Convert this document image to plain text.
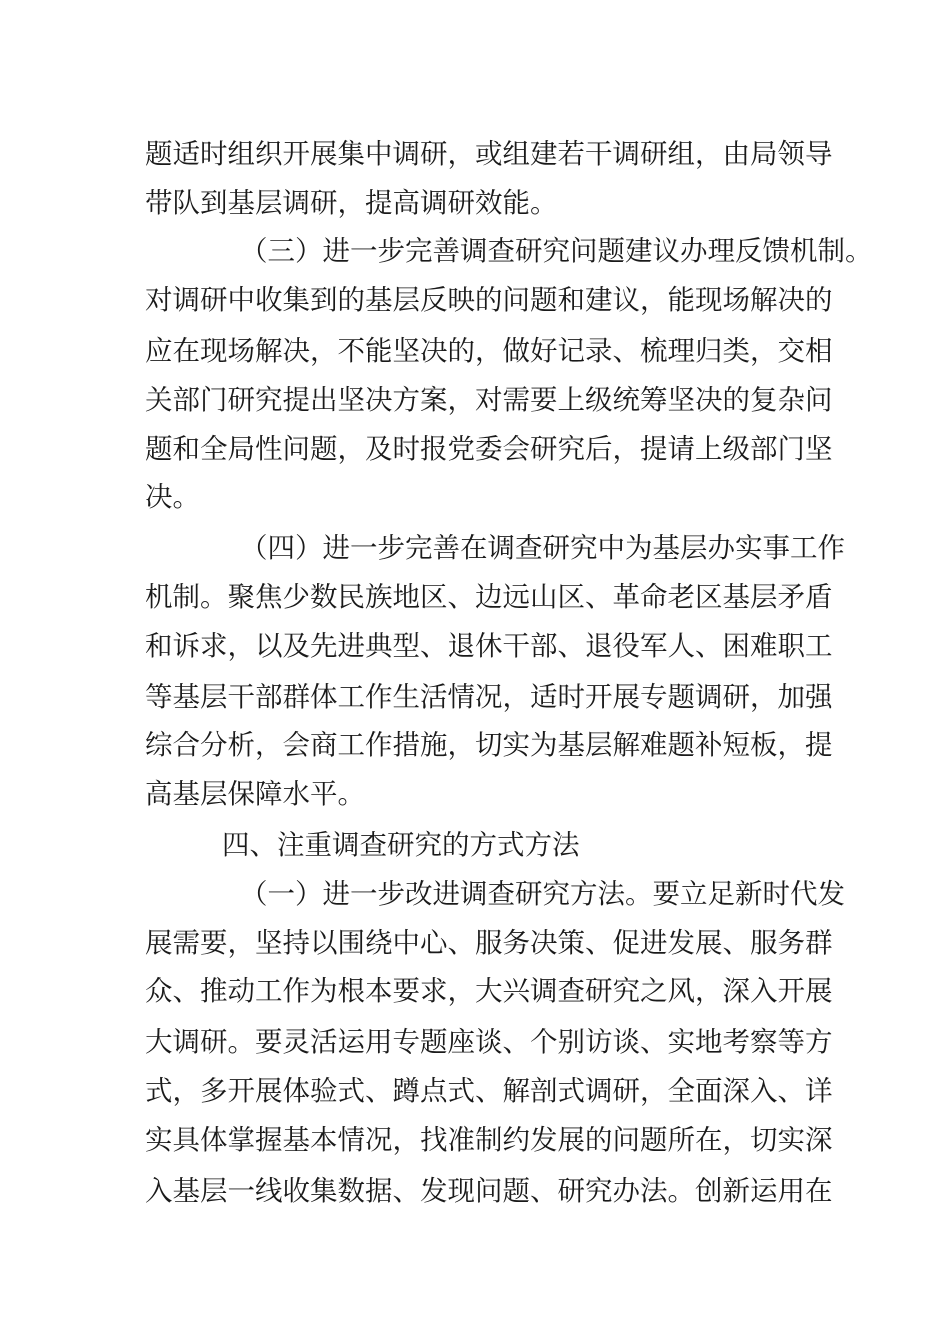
题适时组织开展集中调研，或组建若干调研组，由局领导
带队到基层调研，提高调研效能。
（三）进一步完善调查研究问题建议办理反馈机制。
对调研中收集到的基层反映的问题和建议，能现场解决的
应在现场解决，不能坚决的，做好记录、梳理归类，交相
关部门研究提出坚决方案，对需要上级统筹坚决的复杂问
题和全局性问题，及时报党委会研究后，提请上级部门坚
决。
（四）进一步完善在调查研究中为基层办实事工作
机制。聚焦少数民族地区、边远山区、革命老区基层矛盾
和诉求，以及先进典型、退休干部、退役军人、困难职工
等基层干部群体工作生活情况，适时开展专题调研，加强
综合分析，会商工作措施，切实为基层解难题补短板，提
高基层保障水平。
四、注重调查研究的方式方法
（一）进一步改进调查研究方法。要立足新时代发
展需要，坚持以围绕中心、服务决策、促进发展、服务群
众、推动工作为根本要求，大兴调查研究之风，深入开展
大调研。要灵活运用专题座谈、个别访谈、实地考察等方
式，多开展体验式、蹲点式、解剖式调研，全面深入、详
实具体掌握基本情况，找准制约发展的问题所在，切实深
入基层一线收集数据、发现问题、研究办法。创新运用在
